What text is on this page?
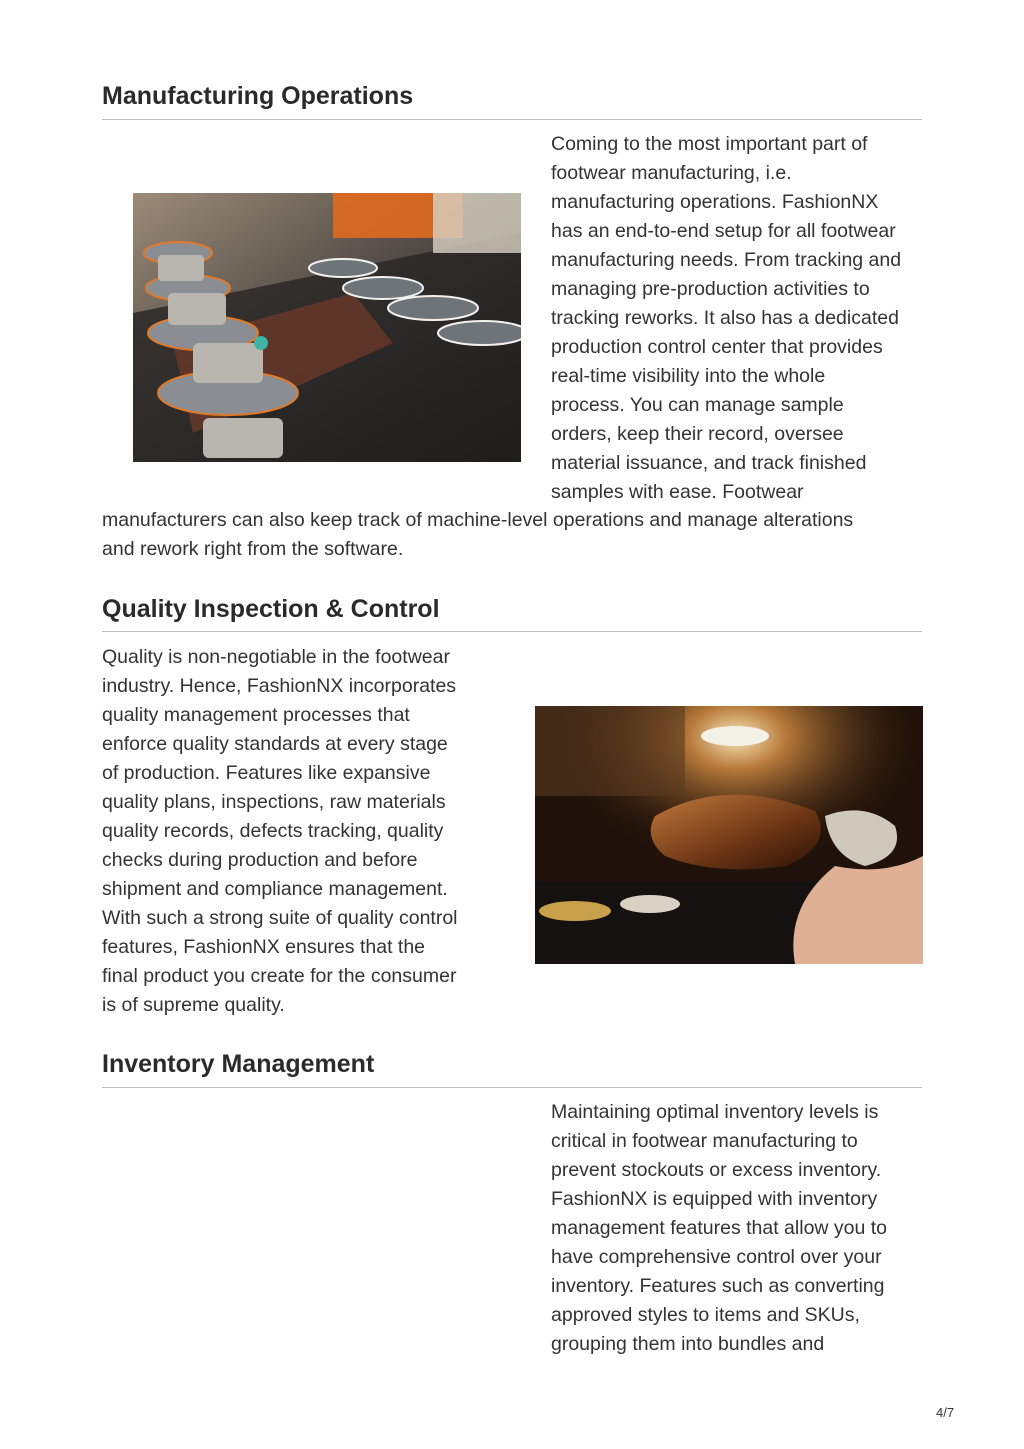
Manufacturing Operations
Coming to the most important part of
footwear manufacturing, i.e.
manufacturing operations. FashionNX
has an end-to-end setup for all footwear
manufacturing needs. From tracking and
managing pre-production activities to
tracking reworks. It also has a dedicated
production control center that provides
real-time visibility into the whole
process. You can manage sample
orders, keep their record, oversee
material issuance, and track finished
samples with ease. Footwear
manufacturers can also keep track of machine-level operations and manage alterations
and rework right from the software.
Quality Inspection & Control
Quality is non-negotiable in the footwear
industry. Hence, FashionNX incorporates
quality management processes that
enforce quality standards at every stage
of production. Features like expansive
quality plans, inspections, raw materials
quality records, defects tracking, quality
checks during production and before
shipment and compliance management.
With such a strong suite of quality control
features, FashionNX ensures that the
final product you create for the consumer
is of supreme quality.
Inventory Management
Maintaining optimal inventory levels is
critical in footwear manufacturing to
prevent stockouts or excess inventory.
FashionNX is equipped with inventory
management features that allow you to
have comprehensive control over your
inventory. Features such as converting
approved styles to items and SKUs,
grouping them into bundles and
4/7
